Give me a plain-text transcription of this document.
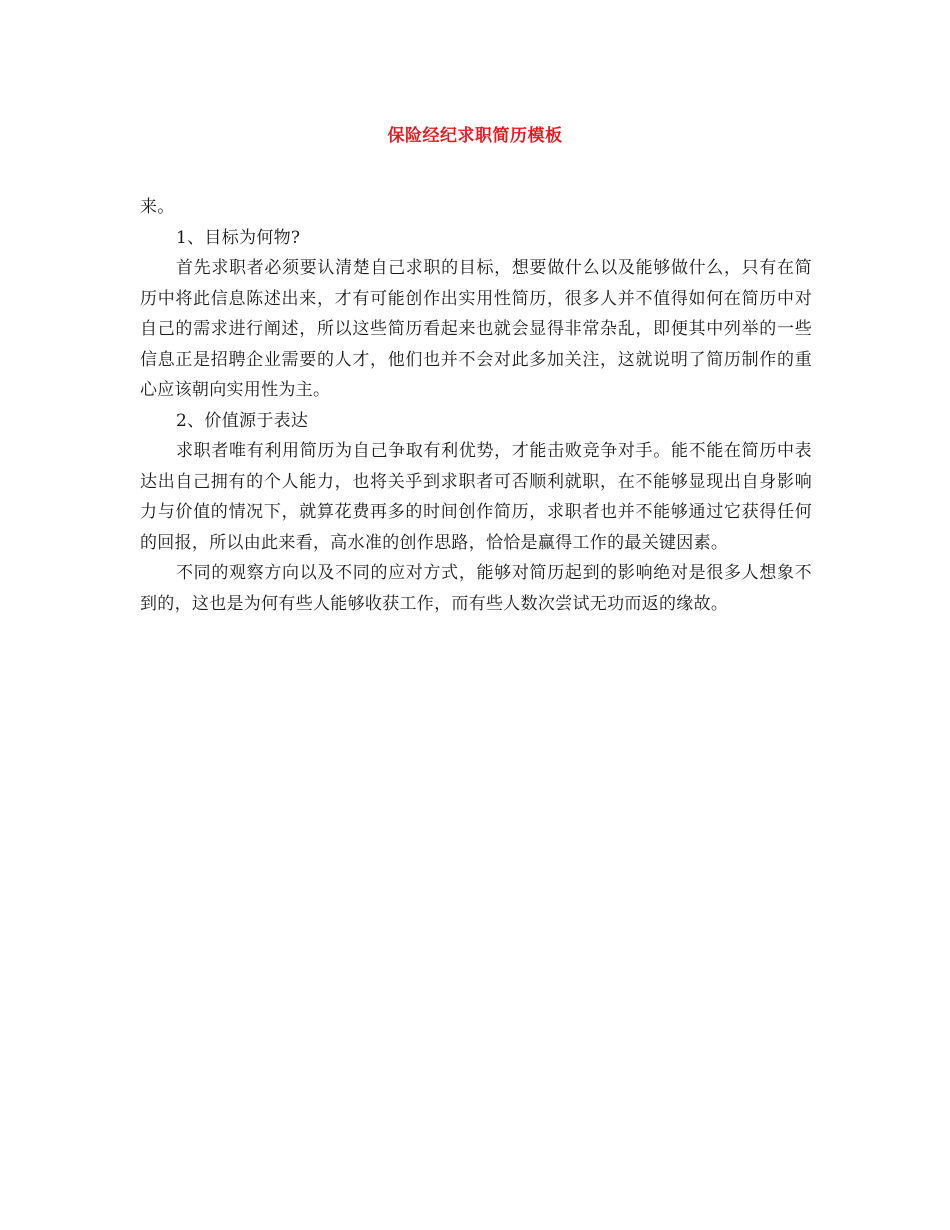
保险经纪求职简历模板

来。

1、目标为何物?

首先求职者必须要认清楚自己求职的目标，想要做什么以及能够做什么，只有在简历中将此信息陈述出来，才有可能创作出实用性简历，很多人并不值得如何在简历中对自己的需求进行阐述，所以这些简历看起来也就会显得非常杂乱，即便其中列举的一些信息正是招聘企业需要的人才，他们也并不会对此多加关注，这就说明了简历制作的重心应该朝向实用性为主。

2、价值源于表达

求职者唯有利用简历为自己争取有利优势，才能击败竞争对手。能不能在简历中表达出自己拥有的个人能力，也将关乎到求职者可否顺利就职，在不能够显现出自身影响力与价值的情况下，就算花费再多的时间创作简历，求职者也并不能够通过它获得任何的回报，所以由此来看，高水准的创作思路，恰恰是赢得工作的最关键因素。

不同的观察方向以及不同的应对方式，能够对简历起到的影响绝对是很多人想象不到的，这也是为何有些人能够收获工作，而有些人数次尝试无功而返的缘故。
